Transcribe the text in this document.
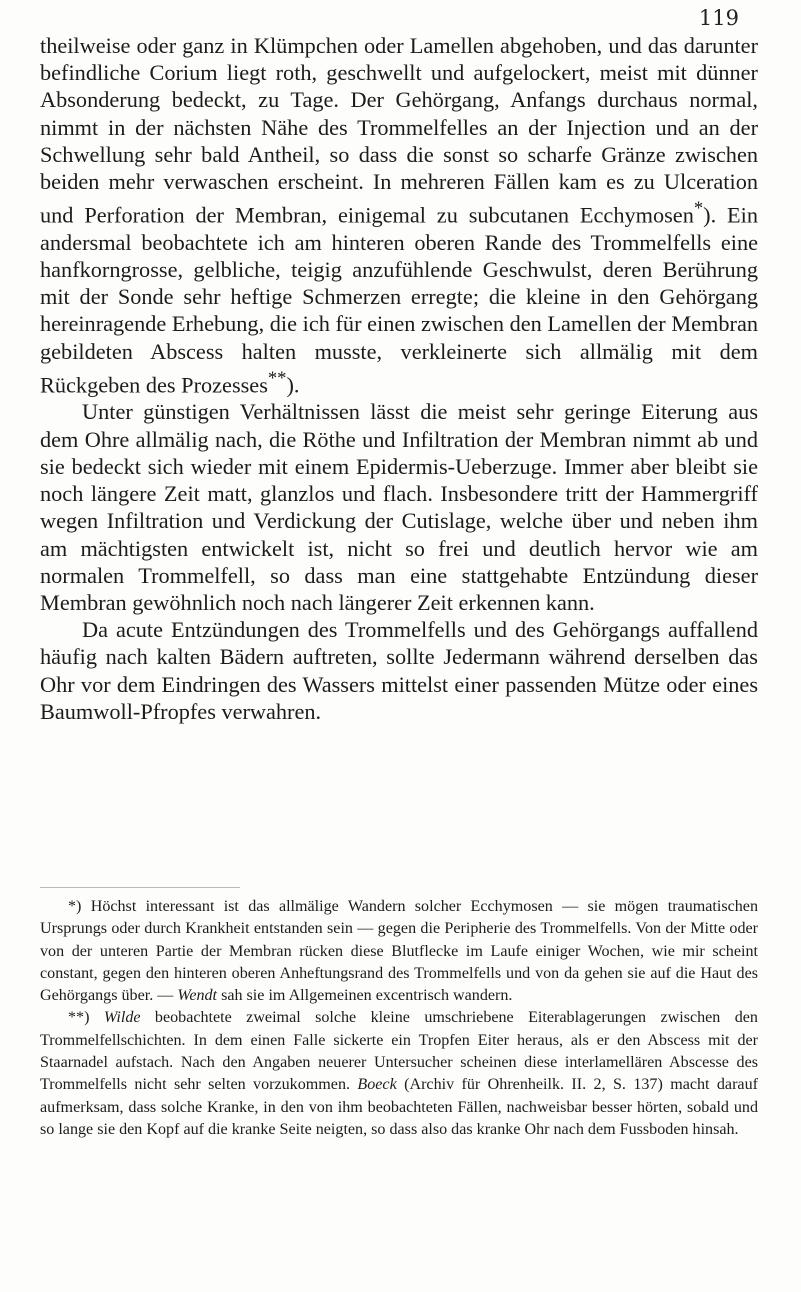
119

theilweise oder ganz in Klümpchen oder Lamellen abgehoben, und das darunter befindliche Corium liegt roth, geschwellt und aufgelockert, meist mit dünner Absonderung bedeckt, zu Tage. Der Gehörgang, Anfangs durchaus normal, nimmt in der nächsten Nähe des Trommelfelles an der Injection und an der Schwellung sehr bald Antheil, so dass die sonst so scharfe Gränze zwischen beiden mehr verwaschen erscheint. In mehreren Fällen kam es zu Ulceration und Perforation der Membran, einigemal zu subcutanen Ecchymosen*). Ein andersmal beobachtete ich am hinteren oberen Rande des Trommelfells eine hanfkorngrosse, gelbliche, teigig anzufühlende Geschwulst, deren Berührung mit der Sonde sehr heftige Schmerzen erregte; die kleine in den Gehörgang hereinragende Erhebung, die ich für einen zwischen den Lamellen der Membran gebildeten Abscess halten musste, verkleinerte sich allmälig mit dem Rückgeben des Prozesses**).

Unter günstigen Verhältnissen lässt die meist sehr geringe Eiterung aus dem Ohre allmälig nach, die Röthe und Infiltration der Membran nimmt ab und sie bedeckt sich wieder mit einem Epidermis-Ueberzuge. Immer aber bleibt sie noch längere Zeit matt, glanzlos und flach. Insbesondere tritt der Hammergriff wegen Infiltration und Verdickung der Cutislage, welche über und neben ihm am mächtigsten entwickelt ist, nicht so frei und deutlich hervor wie am normalen Trommelfell, so dass man eine stattgehabte Entzündung dieser Membran gewöhnlich noch nach längerer Zeit erkennen kann.

Da acute Entzündungen des Trommelfells und des Gehörgangs auffallend häufig nach kalten Bädern auftreten, sollte Jedermann während derselben das Ohr vor dem Eindringen des Wassers mittelst einer passenden Mütze oder eines Baumwoll-Pfropfes verwahren.

*) Höchst interessant ist das allmälige Wandern solcher Ecchymosen — sie mögen traumatischen Ursprungs oder durch Krankheit entstanden sein — gegen die Peripherie des Trommelfells. Von der Mitte oder von der unteren Partie der Membran rücken diese Blutflecke im Laufe einiger Wochen, wie mir scheint constant, gegen den hinteren oberen Anheftungsrand des Trommelfells und von da gehen sie auf die Haut des Gehörgangs über. — Wendt sah sie im Allgemeinen excentrisch wandern.

**) Wilde beobachtete zweimal solche kleine umschriebene Eiterablagerungen zwischen den Trommelfellschichten. In dem einen Falle sickerte ein Tropfen Eiter heraus, als er den Abscess mit der Staarnadel aufstach. Nach den Angaben neuerer Untersucher scheinen diese interlamellären Abscesse des Trommelfells nicht sehr selten vorzukommen. Boeck (Archiv für Ohrenheilk. II. 2, S. 137) macht darauf aufmerksam, dass solche Kranke, in den von ihm beobachteten Fällen, nachweisbar besser hörten, sobald und so lange sie den Kopf auf die kranke Seite neigten, so dass also das kranke Ohr nach dem Fussboden hinsah.
